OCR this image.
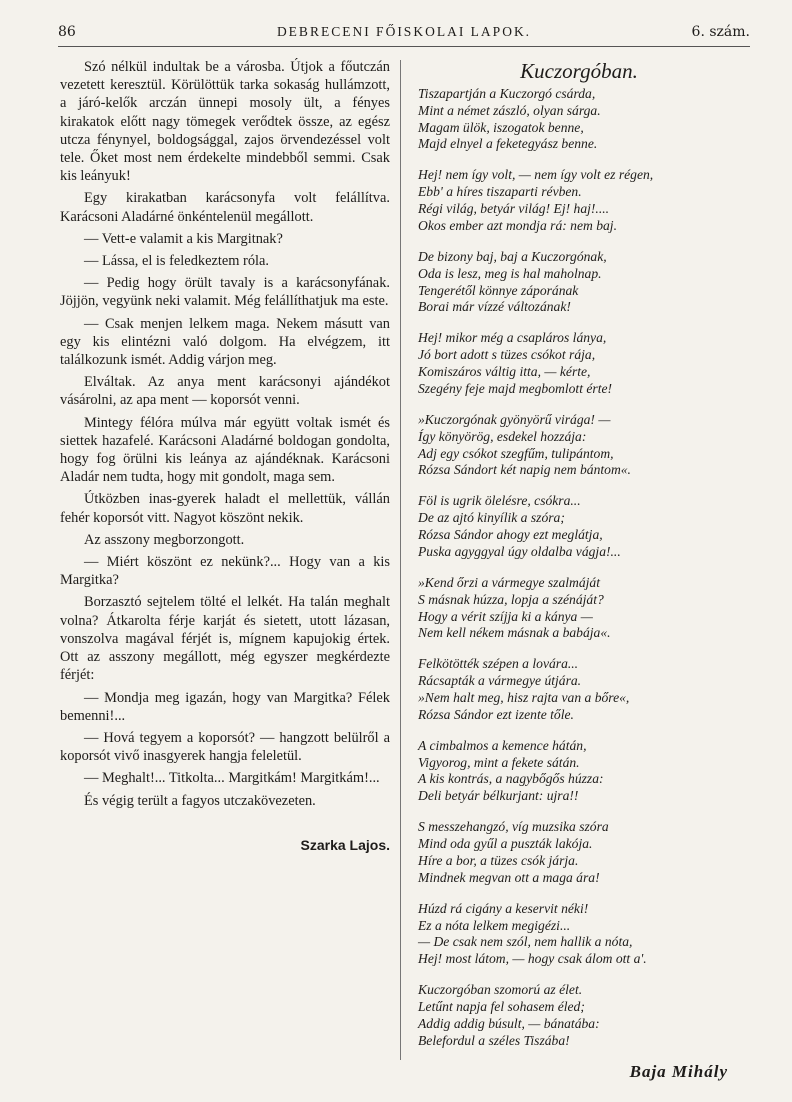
86	DEBRECENI FŐISKOLAI LAPOK.	6. szám.

Szó nélkül indultak be a városba. Útjok a főutczán vezetett keresztül. Körülöttük tarka sokaság hullámzott, a járó-kelők arczán ünnepi mosoly ült, a fényes kirakatok előtt nagy tömegek verődtek össze, az egész utcza fénynyel, boldogsággal, zajos örvendezéssel volt tele. Őket most nem érdekelte mindebből semmi. Csak kis leányuk!

Egy kirakatban karácsonyfa volt felállítva. Karácsoni Aladárné önkéntelenül megállott.

— Vett-e valamit a kis Margitnak?

— Lássa, el is feledkeztem róla.

— Pedig hogy örült tavaly is a karácsonyfának. Jöjjön, vegyünk neki valamit. Még felállíthatjuk ma este.

— Csak menjen lelkem maga. Nekem másutt van egy kis elintézni való dolgom. Ha elvégzem, itt találkozunk ismét. Addig várjon meg.

Elváltak. Az anya ment karácsonyi ajándékot vásárolni, az apa ment — koporsót venni.

Mintegy félóra múlva már együtt voltak ismét és siettek hazafelé. Karácsoni Aladárné boldogan gondolta, hogy fog örülni kis leánya az ajándéknak. Karácsoni Aladár nem tudta, hogy mit gondolt, maga sem.

Útközben inas-gyerek haladt el mellettük, vállán fehér koporsót vitt. Nagyot köszönt nekik.

Az asszony megborzongott.

— Miért köszönt ez nekünk?... Hogy van a kis Margitka?

Borzasztó sejtelem tölté el lelkét. Ha talán meghalt volna? Átkarolta férje karját és sietett, utott lázasan, vonszolva magával férjét is, mígnem kapujokig értek. Ott az asszony megállott, még egyszer megkérdezte férjét:

— Mondja meg igazán, hogy van Margitka? Félek bemenni!...

— Hová tegyem a koporsót? — hangzott belülről a koporsót vivő inasgyerek hangja feleletül.

— Meghalt!... Titkolta... Margitkám! Margitkám!...

És végig terült a fagyos utczakövezeten.

Szarka Lajos.

Kuczorgóban.
Tiszapartján a Kuczorgó csárda,
Mint a német zászló, olyan sárga.
Magam ülök, iszogatok benne,
Majd elnyel a feketegyász benne.
Hej! nem így volt, — nem így volt ez régen,
Ebb' a híres tiszaparti révben.
Régi világ, betyár világ! Ej! haj!....
Okos ember azt mondja rá: nem baj.
De bizony baj, baj a Kuczorgónak,
Oda is lesz, meg is hal maholnap.
Tengerétől könnye záporának
Borai már vízzé változának!
Hej! mikor még a csapláros lánya,
Jó bort adott s tüzes csókot rája,
Komiszáros váltig itta, — kérte,
Szegény feje majd megbomlott érte!
»Kuczorgónak gyönyörű virága! —
Így könyörög, esdekel hozzája:
Adj egy csókot szegfűm, tulipántom,
Rózsa Sándort két napig nem bántom«.
Föl is ugrik ölelésre, csókra...
De az ajtó kinyílik a szóra;
Rózsa Sándor ahogy ezt meglátja,
Puska agyggyal úgy oldalba vágja!...
»Kend őrzi a vármegye szalmáját
S másnak húzza, lopja a szénáját?
Hogy a vérit szíjja ki a kánya —
Nem kell nékem másnak a babája«.
Felkötötték szépen a lovára...
Rácsapták a vármegye útjára.
»Nem halt meg, hisz rajta van a bőre«,
Rózsa Sándor ezt izente tőle.
A cimbalmos a kemence hátán,
Vigyorog, mint a fekete sátán.
A kis kontrás, a nagybőgős húzza:
Deli betyár bélkurjant: ujra!!
S messzehangzó, víg muzsika szóra
Mind oda gyűl a puszták lakója.
Híre a bor, a tüzes csók járja.
Mindnek megvan ott a maga ára!
Húzd rá cigány a keservit néki!
Ez a nóta lelkem megigézi...
— De csak nem szól, nem hallik a nóta,
Hej! most látom, — hogy csak álom ott a'.
Kuczorgóban szomorú az élet.
Letűnt napja fel sohasem éled;
Addig addig búsult, — bánatába:
Belefordul a széles Tiszába!
Baja Mihály
